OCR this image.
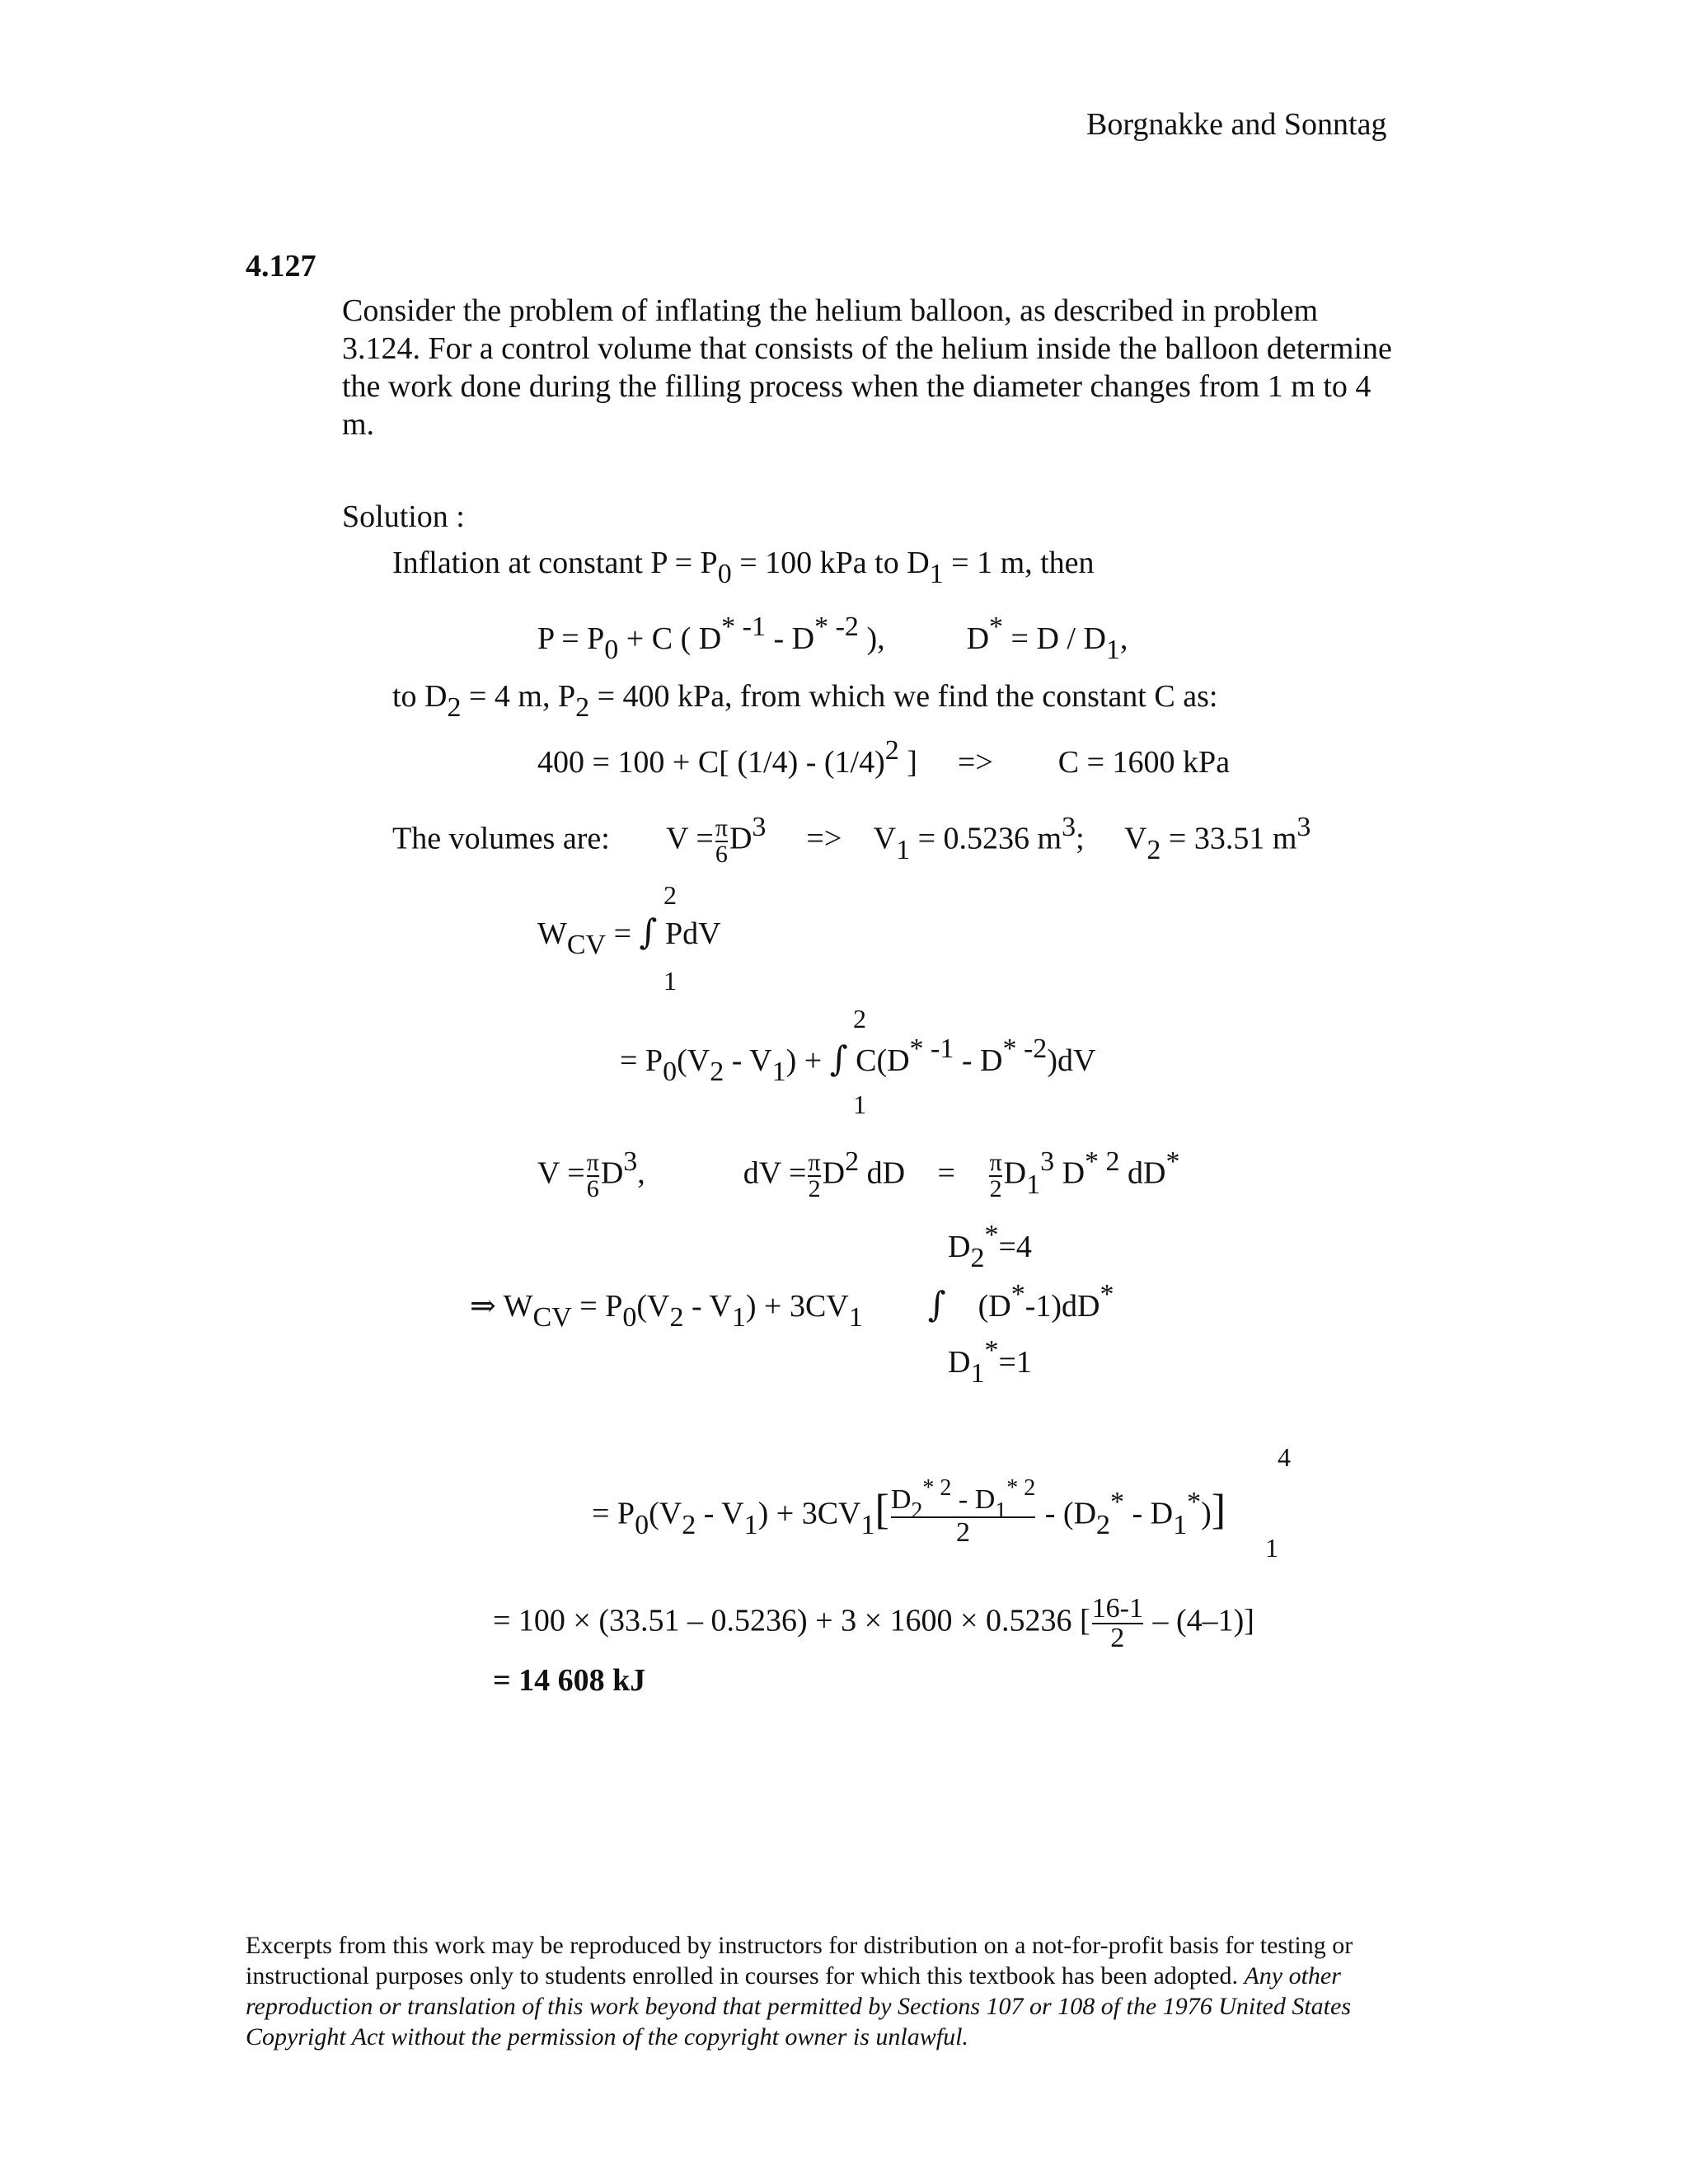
Borgnakke and Sonntag
4.127
Consider the problem of inflating the helium balloon, as described in problem 3.124. For a control volume that consists of the helium inside the balloon determine the work done during the filling process when the diameter changes from 1 m to 4 m.
Solution :
Inflation at constant P = P0 = 100 kPa to D1 = 1 m, then
P = P0 + C ( D* -1 - D* -2 ),  D* = D / D1,
to D2 = 4 m, P2 = 400 kPa, from which we find the constant C as:
400 = 100 + C[ (1/4) - (1/4)2 ] => C = 1600 kPa
The volumes are:  $V = \frac{\pi}{6} D3 => V1 = 0.5236$ m3;  V2 = 33.51 m3
2
WCV = ∫ PdV
1
2
= P0(V2 - V1) + ∫ C(D* -1 - D* -2)dV
1
$V = \frac{\pi}{6} D3$,	dV = $\frac{\pi}{2} D2$ dD = $\frac{\pi}{2} D13$ D* 2 dD*
D2*=4
⇒ WCV = P0(V2 - V1) + 3CV1 ∫  (D*-1)dD*
D1*=1
4
= $P0(V2 - V1) + 3CV1[ \frac{D_2^{* 2} - D_1^{* 2}}{2} - (D2* - D1*)]$
1
= 100 × (33.51 – 0.5236) + 3 × 1600 × 0.5236 [ $\frac{16-1}{2} - (4-1)$]
= 14 608 kJ
Excerpts from this work may be reproduced by instructors for distribution on a not-for-profit basis for testing or instructional purposes only to students enrolled in courses for which this textbook has been adopted. Any other reproduction or translation of this work beyond that permitted by Sections 107 or 108 of the 1976 United States Copyright Act without the permission of the copyright owner is unlawful.
